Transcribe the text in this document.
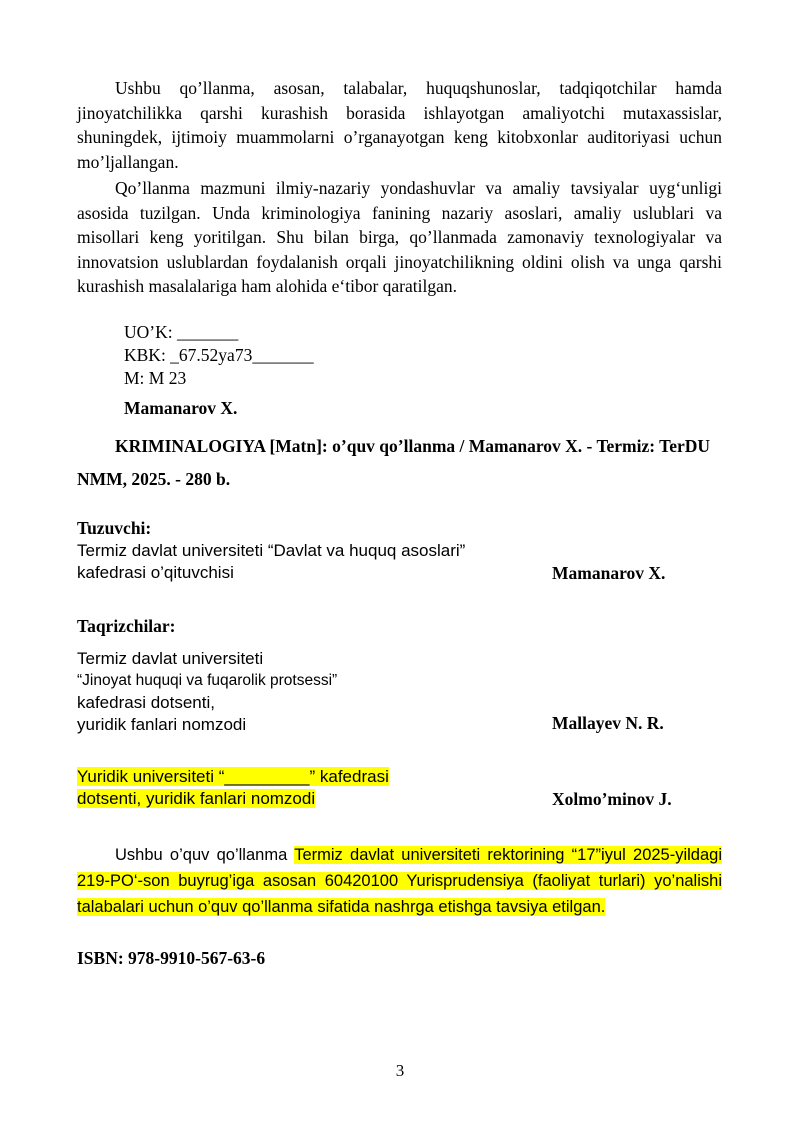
Ushbu qo’llanma, asosan, talabalar, huquqshunoslar, tadqiqotchilar hamda jinoyatchilikka qarshi kurashish borasida ishlayotgan amaliyotchi mutaxassislar, shuningdek, ijtimoiy muammolarni o’rganayotgan keng kitobxonlar auditoriyasi uchun mo’ljallangan.
Qo’llanma mazmuni ilmiy-nazariy yondashuvlar va amaliy tavsiyalar uyg‘unligi asosida tuzilgan. Unda kriminologiya fanining nazariy asoslari, amaliy uslublari va misollari keng yoritilgan. Shu bilan birga, qo’llanmada zamonaviy texnologiyalar va innovatsion uslublardan foydalanish orqali jinoyatchilikning oldini olish va unga qarshi kurashish masalalariga ham alohida e‘tibor qaratilgan.
UO’K: _______
KBK: _67.52ya73_______
M: M 23
Mamanarov X.
KRIMINALOGIYA [Matn]: o’quv qo’llanma / Mamanarov X. - Termiz: TerDU NMM, 2025. - 280 b.
Tuzuvchi:
Termiz davlat universiteti “Davlat va huquq asoslari”
kafedrasi o’qituvchisi	Mamanarov X.
Taqrizchilar:
Termiz davlat universiteti
“Jinoyat huquqi va fuqarolik protsessi”
kafedrasi dotsenti,
yuridik fanlari nomzodi	Mallayev N. R.
Yuridik universiteti “_________” kafedrasi
dotsenti, yuridik fanlari nomzodi	Xolmo’minov J.
Ushbu o’quv qo’llanma Termiz davlat universiteti rektorining “17”iyul 2025-yildagi 219-PO‘-son buyrug’iga asosan 60420100 Yurisprudensiya (faoliyat turlari) yo’nalishi talabalari uchun o’quv qo’llanma sifatida nashrga etishga tavsiya etilgan.
ISBN: 978-9910-567-63-6
3
